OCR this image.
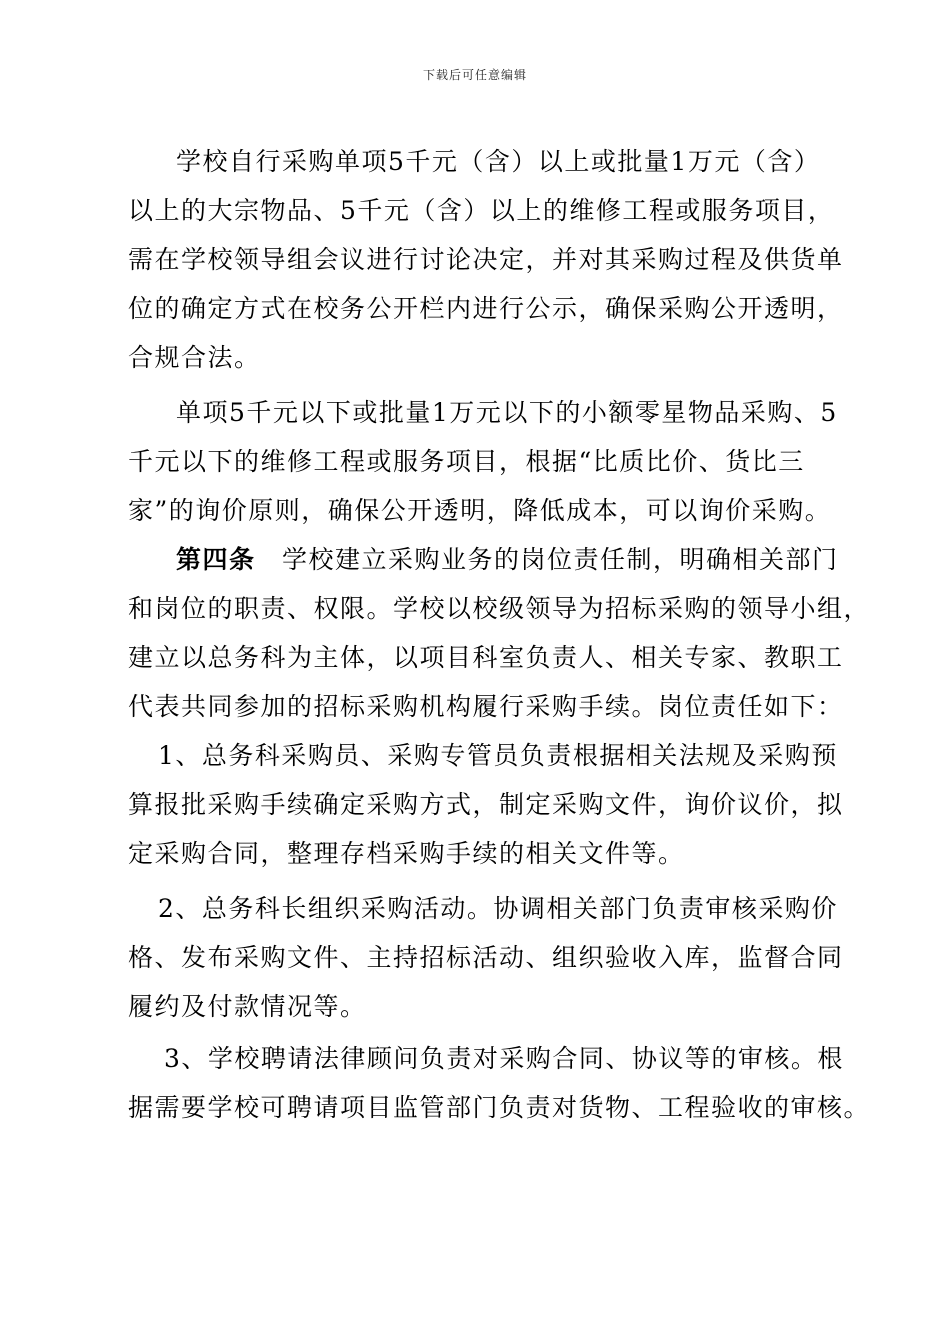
下载后可任意编辑
学校自行采购单项5千元（含）以上或批量1万元（含）
以上的大宗物品、5千元（含）以上的维修工程或服务项目，
需在学校领导组会议进行讨论决定，并对其采购过程及供货单
位的确定方式在校务公开栏内进行公示，确保采购公开透明，
合规合法。
单项5千元以下或批量1万元以下的小额零星物品采购、5
千元以下的维修工程或服务项目，根据“比质比价、货比三
家”的询价原则，确保公开透明，降低成本，可以询价采购。
第四条　学校建立采购业务的岗位责任制，明确相关部门
和岗位的职责、权限。学校以校级领导为招标采购的领导小组，
建立以总务科为主体，以项目科室负责人、相关专家、教职工
代表共同参加的招标采购机构履行采购手续。岗位责任如下：
1、总务科采购员、采购专管员负责根据相关法规及采购预
算报批采购手续确定采购方式，制定采购文件，询价议价，拟
定采购合同，整理存档采购手续的相关文件等。
2、总务科长组织采购活动。协调相关部门负责审核采购价
格、发布采购文件、主持招标活动、组织验收入库，监督合同
履约及付款情况等。
3、学校聘请法律顾问负责对采购合同、协议等的审核。根
据需要学校可聘请项目监管部门负责对货物、工程验收的审核。
